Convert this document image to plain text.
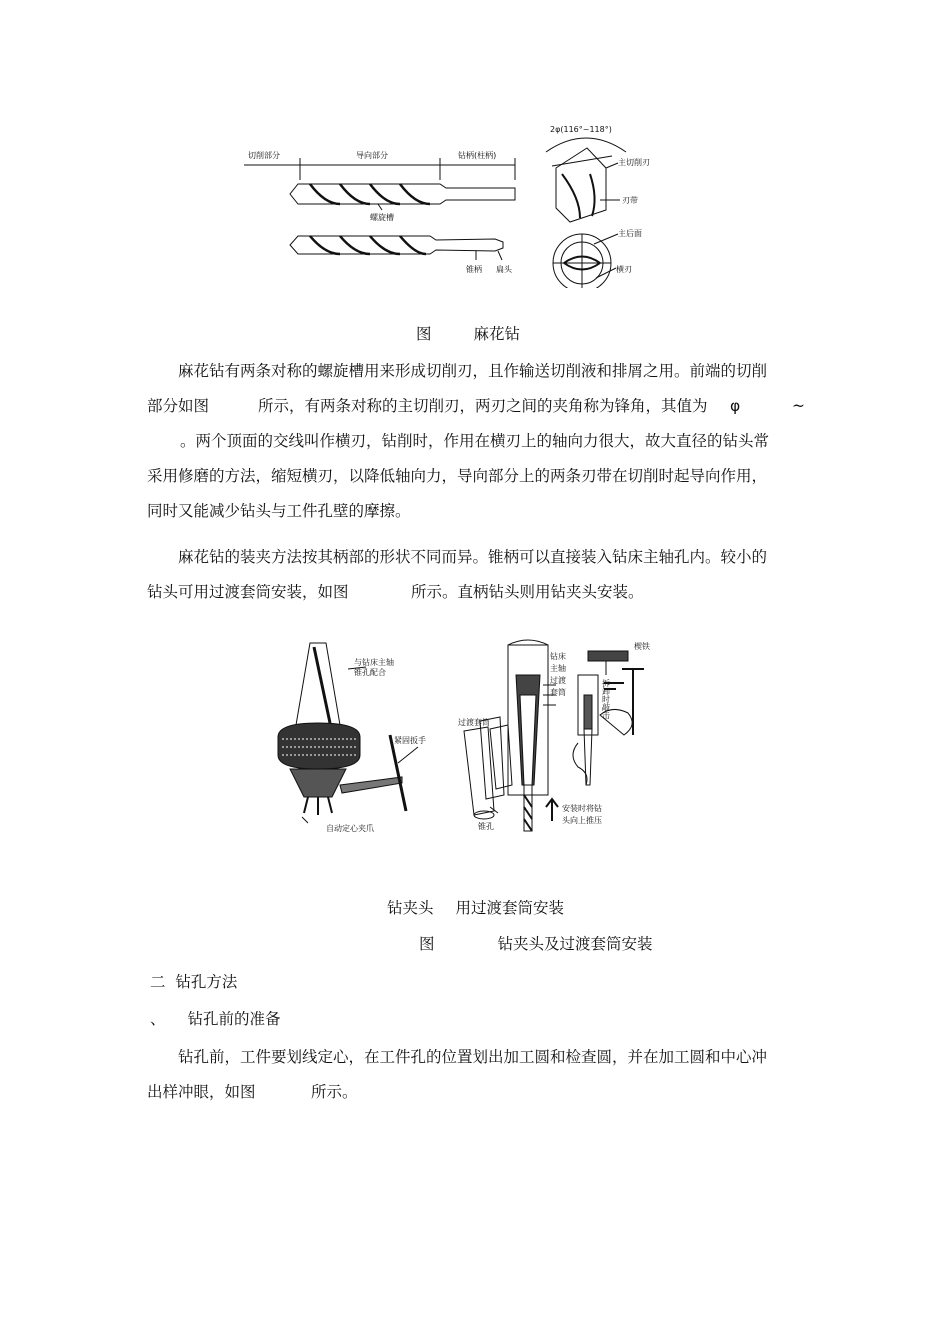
切削部分	导向部分	钻柄(柱柄)
螺旋槽
锥柄 扁头
2φ(116°~118°)
主切削刃
刃带
主后面
横刃
图	麻花钻
麻花钻有两条对称的螺旋槽用来形成切削刃，且作输送切削液和排屑之用。前端的切削
部分如图	所示，有两条对称的主切削刃，两刃之间的夹角称为锋角，其值为 φ	~
。两个顶面的交线叫作横刃，钻削时，作用在横刃上的轴向力很大，故大直径的钻头常
采用修磨的方法，缩短横刃，以降低轴向力，导向部分上的两条刃带在切削时起导向作用，
同时又能减少钻头与工件孔壁的摩擦。
麻花钻的装夹方法按其柄部的形状不同而异。锥柄可以直接装入钻床主轴孔内。较小的
钻头可用过渡套筒安装，如图	所示。直柄钻头则用钻夹头安装。
与钻床主轴
锥孔配合
紧固扳手
自动定心夹爪
过渡套筒
锥孔
钻床
主轴
过渡
套筒
楔铁
拆卸时敲击
安装时将钻
头向上推压
钻夹头 用过渡套筒安装
图	钻夹头及过渡套筒安装
二  钻孔方法
、 钻孔前的准备
钻孔前，工件要划线定心，在工件孔的位置划出加工圆和检查圆，并在加工圆和中心冲
出样冲眼，如图	所示。
